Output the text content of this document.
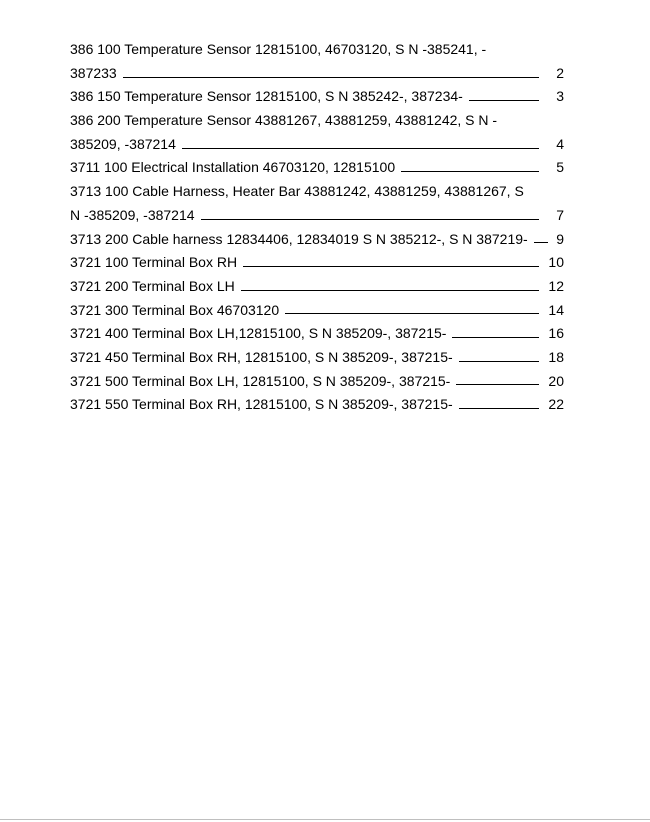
386 100 Temperature Sensor 12815100, 46703120, S N -385241, -
387233	2
386 150 Temperature Sensor 12815100, S N 385242-, 387234-	3
386 200 Temperature Sensor 43881267, 43881259, 43881242, S N -
385209, -387214	4
3711 100 Electrical Installation 46703120, 12815100	5
3713 100 Cable Harness, Heater Bar 43881242, 43881259, 43881267, S
N -385209, -387214	7
3713 200 Cable harness 12834406, 12834019 S N 385212-, S N 387219- 9
3721 100 Terminal Box RH	10
3721 200 Terminal Box LH	12
3721 300 Terminal Box 46703120	14
3721 400 Terminal Box LH,12815100, S N 385209-, 387215-	16
3721 450 Terminal Box RH, 12815100, S N 385209-, 387215-	18
3721 500 Terminal Box LH, 12815100, S N 385209-, 387215-	20
3721 550 Terminal Box RH, 12815100, S N 385209-, 387215-	22
